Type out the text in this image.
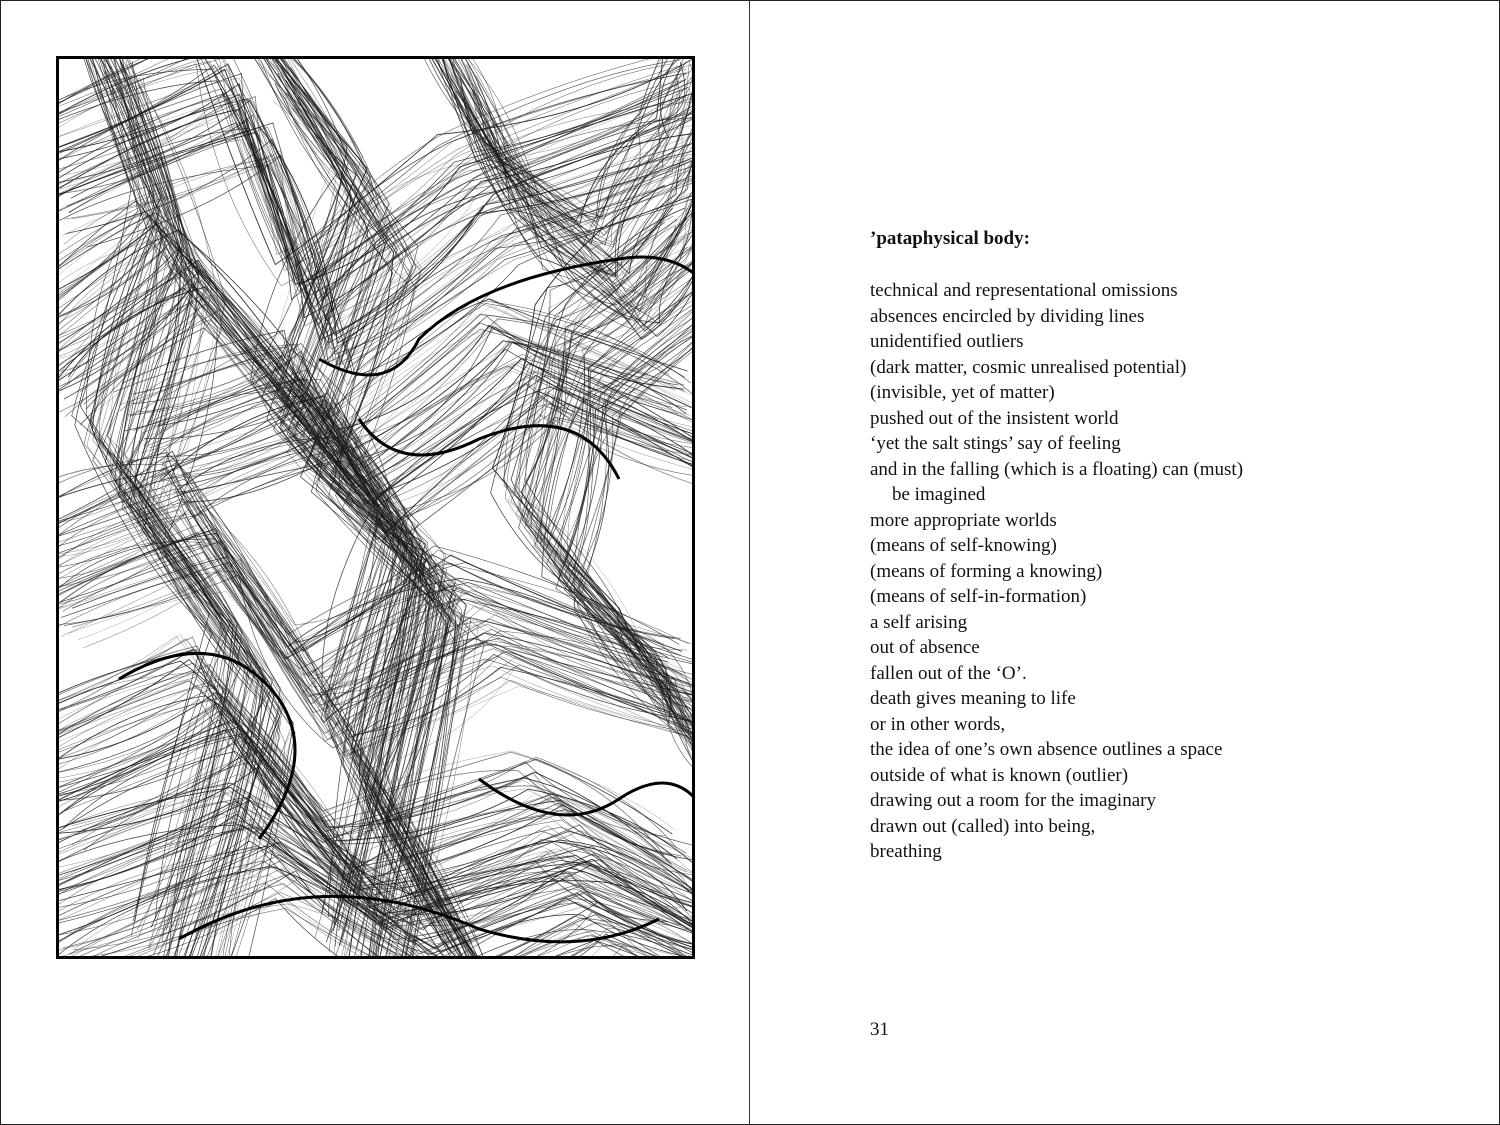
’pataphysical body:
technical and representational omissions
absences encircled by dividing lines
unidentified outliers
(dark matter, cosmic unrealised potential)
(invisible, yet of matter)
pushed out of the insistent world
‘yet the salt stings’ say of feeling
and in the falling (which is a floating) can (must)
be imagined
more appropriate worlds
(means of self-knowing)
(means of forming a knowing)
(means of self-in-formation)
a self arising
out of absence
fallen out of the ‘O’.
death gives meaning to life
or in other words,
the idea of one’s own absence outlines a space
outside of what is known (outlier)
drawing out a room for the imaginary
drawn out (called) into being,
breathing
31
